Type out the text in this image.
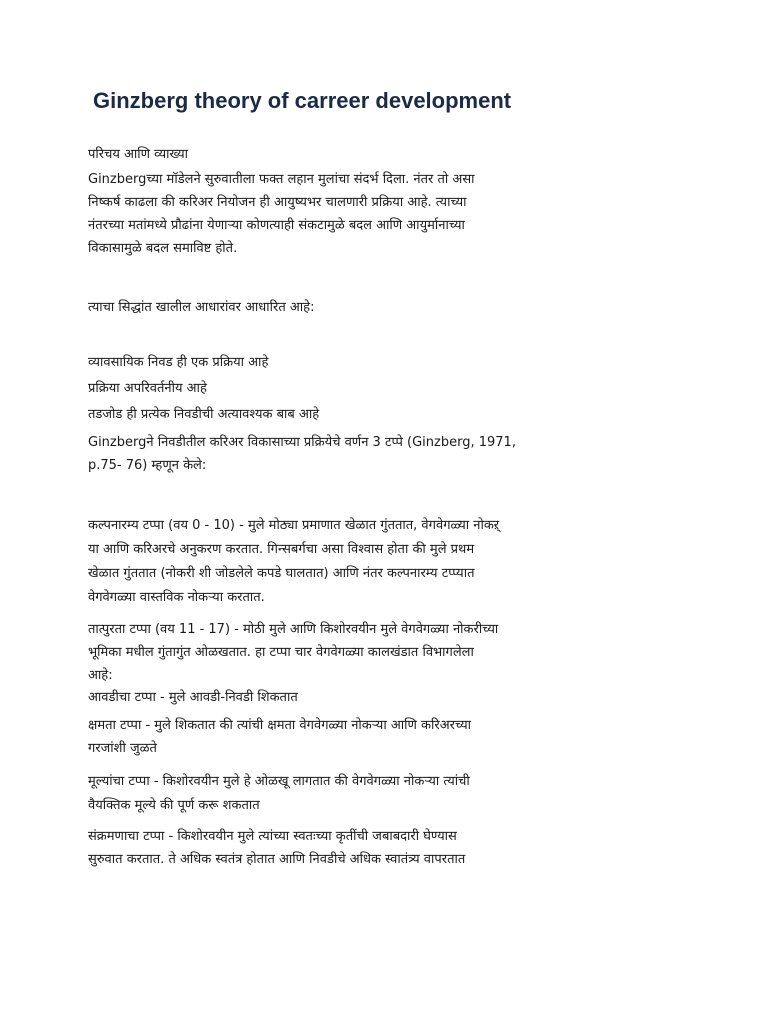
Ginzberg theory of carreer development
परिचय आणि व्याख्या
Ginzbergच्या मॉडेलने सुरुवातीला फक्त लहान मुलांचा संदर्भ दिला. नंतर तो असा
निष्कर्ष काढला की करिअर नियोजन ही आयुष्यभर चालणारी प्रक्रिया आहे. त्याच्या
नंतरच्या मतांमध्ये प्रौढांना येणाऱ्या कोणत्याही संकटामुळे बदल आणि आयुर्मानाच्या
विकासामुळे बदल समाविष्ट होते.
त्याचा सिद्धांत खालील आधारांवर आधारित आहे:
व्यावसायिक निवड ही एक प्रक्रिया आहे
प्रक्रिया अपरिवर्तनीय आहे
तडजोड ही प्रत्येक निवडीची अत्यावश्यक बाब आहे
Ginzbergने निवडीतील करिअर विकासाच्या प्रक्रियेचे वर्णन 3 टप्पे (Ginzberg, 1971,
p.75- 76) म्हणून केले:
कल्पनारम्य टप्पा (वय 0 - 10) - मुले मोठ्या प्रमाणात खेळात गुंततात, वेगवेगळ्या नोकऱ्
या आणि करिअरचे अनुकरण करतात. गिन्सबर्गचा असा विश्वास होता की मुले प्रथम
खेळात गुंततात (नोकरी शी जोडलेले कपडे घालतात) आणि नंतर कल्पनारम्य टप्प्यात
वेगवेगळ्या वास्तविक नोकऱ्या करतात.
तात्पुरता टप्पा (वय 11 - 17) - मोठी मुले आणि किशोरवयीन मुले वेगवेगळ्या नोकरीच्या
भूमिका मधील गुंतागुंत ओळखतात. हा टप्पा चार वेगवेगळ्या कालखंडात विभागलेला
आहे:
आवडीचा टप्पा - मुले आवडी-निवडी शिकतात
क्षमता टप्पा - मुले शिकतात की त्यांची क्षमता वेगवेगळ्या नोकऱ्या आणि करिअरच्या
गरजांशी जुळते
मूल्यांचा टप्पा - किशोरवयीन मुले हे ओळखू लागतात की वेगवेगळ्या नोकऱ्या त्यांची
वैयक्तिक मूल्ये की पूर्ण करू शकतात
संक्रमणाचा टप्पा - किशोरवयीन मुले त्यांच्या स्वतःच्या कृतींची जबाबदारी घेण्यास
सुरुवात करतात. ते अधिक स्वतंत्र होतात आणि निवडीचे अधिक स्वातंत्र्य वापरतात
